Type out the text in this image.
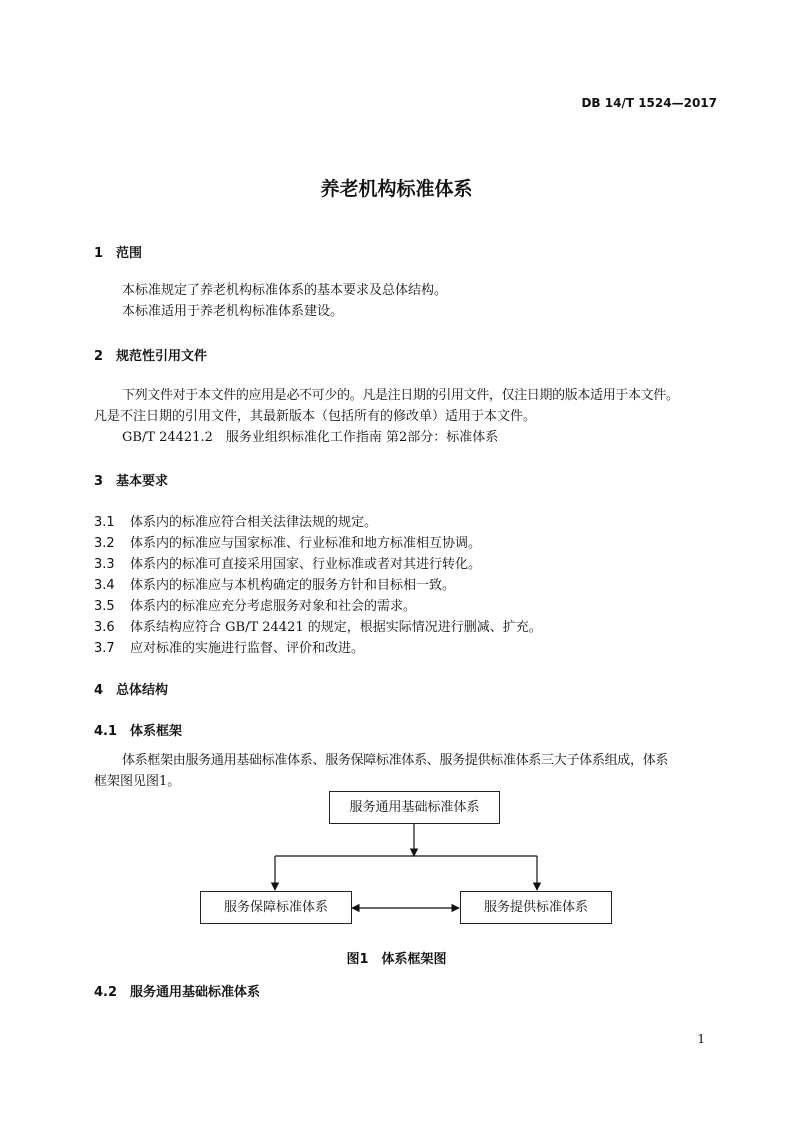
DB 14/T 1524—2017
养老机构标准体系
1 范围
本标准规定了养老机构标准体系的基本要求及总体结构。
本标准适用于养老机构标准体系建设。
2 规范性引用文件
下列文件对于本文件的应用是必不可少的。凡是注日期的引用文件，仅注日期的版本适用于本文件。
凡是不注日期的引用文件，其最新版本（包括所有的修改单）适用于本文件。
GB/T 24421.2　服务业组织标准化工作指南 第2部分：标准体系
3 基本要求
3.1 体系内的标准应符合相关法律法规的规定。
3.2 体系内的标准应与国家标准、行业标准和地方标准相互协调。
3.3 体系内的标准可直接采用国家、行业标准或者对其进行转化。
3.4 体系内的标准应与本机构确定的服务方针和目标相一致。
3.5 体系内的标准应充分考虑服务对象和社会的需求。
3.6 体系结构应符合 GB/T 24421 的规定，根据实际情况进行删减、扩充。
3.7 应对标准的实施进行监督、评价和改进。
4 总体结构
4.1 体系框架
体系框架由服务通用基础标准体系、服务保障标准体系、服务提供标准体系三大子体系组成，体系
框架图见图1。
服务通用基础标准体系
服务保障标准体系	服务提供标准体系
图1　体系框架图
4.2 服务通用基础标准体系
1
